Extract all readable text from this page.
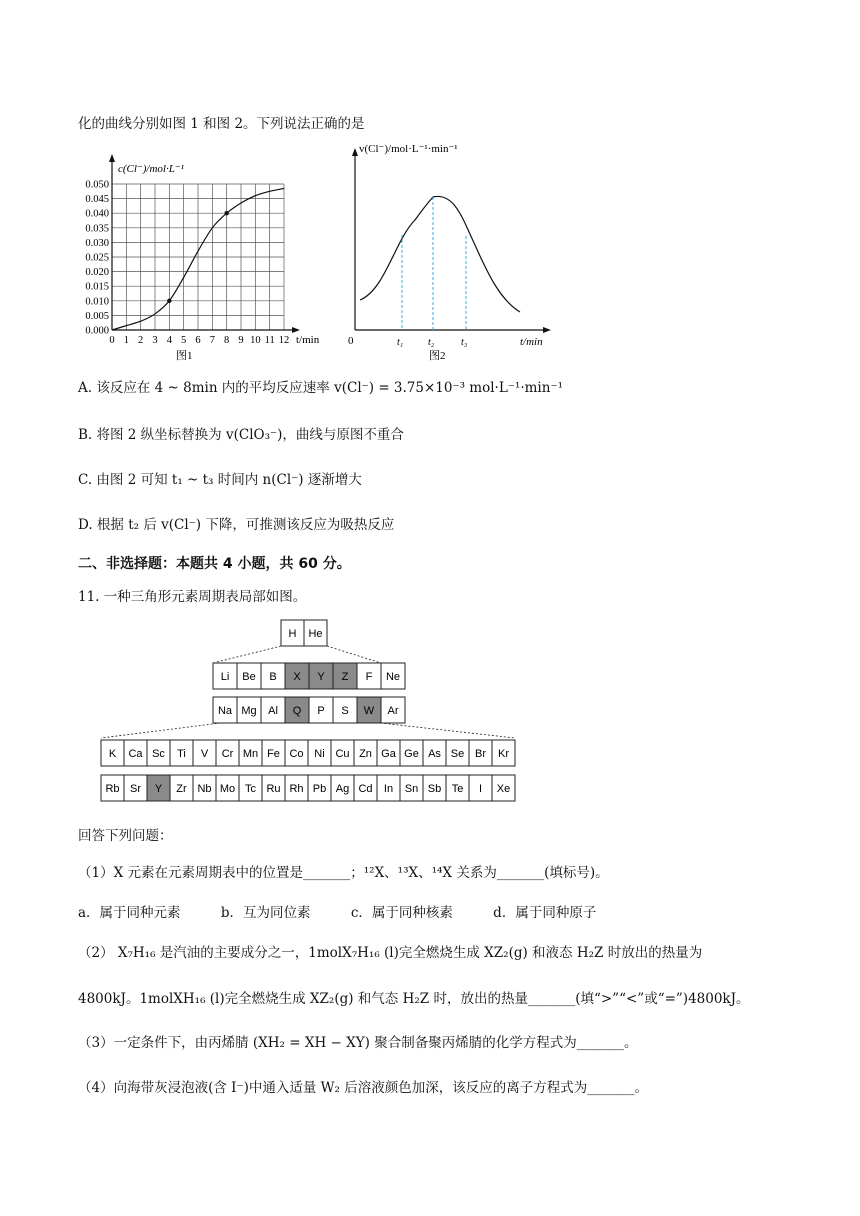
化的曲线分别如图 1 和图 2。下列说法正确的是
0.050
0.045
0.040
0.035
0.030
0.025
0.020
0.015
0.010
0.005
0.000
0 1 2 3 4 5 6 7 8 9 10 11 12
c(Cl⁻)/mol·L⁻¹
t/min
图1
v(Cl⁻)/mol·L⁻¹·min⁻¹
0	t₁ t₂	t₃	t/min
图2
A. 该反应在 4 ~ 8min 内的平均反应速率 v(Cl⁻) = 3.75×10⁻³ mol·L⁻¹·min⁻¹
B. 将图 2 纵坐标替换为 v(ClO₃⁻)，曲线与原图不重合
C. 由图 2 可知 t₁ ~ t₃ 时间内 n(Cl⁻) 逐渐增大
D. 根据 t₂ 后 v(Cl⁻) 下降，可推测该反应为吸热反应
二、非选择题：本题共 4 小题，共 60 分。
11. 一种三角形元素周期表局部如图。
H He
Li Be B X Y Z F Ne
Na Mg Al Q P S W Ar
K Ca Sc Ti V Cr Mn Fe Co Ni Cu Zn Ga Ge As Se Br Kr
Rb Sr Y Zr Nb Mo Tc Ru Rh Pb Ag Cd In Sn Sb Te I Xe
回答下列问题：
（1）X 元素在元素周期表中的位置是_______；¹²X、¹³X、¹⁴X 关系为_______(填标号)。
a．属于同种元素	b．互为同位素	c．属于同种核素	d．属于同种原子
（2） X₇H₁₆ 是汽油的主要成分之一，1molX₇H₁₆ (l)完全燃烧生成 XZ₂(g) 和液态 H₂Z 时放出的热量为
4800kJ。1molXH₁₆ (l)完全燃烧生成 XZ₂(g) 和气态 H₂Z 时，放出的热量_______(填“>”“<”或“=”)4800kJ。
（3）一定条件下，由丙烯腈 (XH₂ = XH − XY) 聚合制备聚丙烯腈的化学方程式为_______。
（4）向海带灰浸泡液(含 I⁻)中通入适量 W₂ 后溶液颜色加深，该反应的离子方程式为_______。
